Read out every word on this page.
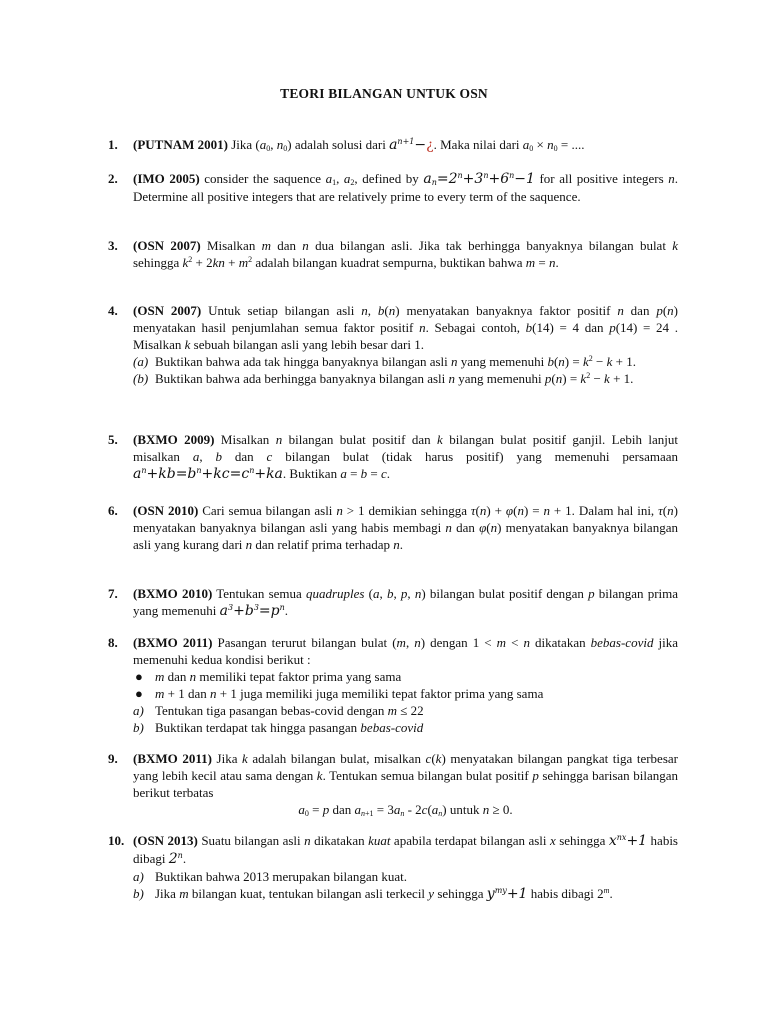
TEORI BILANGAN UNTUK OSN
1.	(PUTNAM 2001) Jika ($a_0$, $n_0$) adalah solusi dari $a^{n+1}-¿$. Maka nilai dari $a_0 \times n_0$ = ....
2.	(IMO 2005) consider the saquence $a_1$, $a_2$, defined by $a_n=2^n+3^n+6^n-1$ for all positive integers n. Determine all positive integers that are relatively prime to every term of the saquence.
3.	(OSN 2007) Misalkan m dan n dua bilangan asli. Jika tak berhingga banyaknya bilangan bulat k sehingga $k^2 + 2kn + m^2$ adalah bilangan kuadrat sempurna, buktikan bahwa m = n.
4.	(OSN 2007) Untuk setiap bilangan asli n, b(n) menyatakan banyaknya faktor positif n dan p(n) menyatakan hasil penjumlahan semua faktor positif n. Sebagai contoh, b(14) = 4 dan p(14) = 24 . Misalkan k sebuah bilangan asli yang lebih besar dari 1.
(a) Buktikan bahwa ada tak hingga banyaknya bilangan asli n yang memenuhi $b(n) = k^2 - k + 1$.
(b) Buktikan bahwa ada berhingga banyaknya bilangan asli n yang memenuhi $p(n) = k^2 - k + 1$.
5.	(BXMO 2009) Misalkan n bilangan bulat positif dan k bilangan bulat positif ganjil. Lebih lanjut misalkan a, b dan c bilangan bulat (tidak harus positif) yang memenuhi persamaan $a^n+kb=b^n+kc=c^n+ka$. Buktikan a = b = c.
6.	(OSN 2010) Cari semua bilangan asli n > 1 demikian sehingga τ(n) + φ(n) = n + 1. Dalam hal ini, τ(n) menyatakan banyaknya bilangan asli yang habis membagi n dan φ(n) menyatakan banyaknya bilangan asli yang kurang dari n dan relatif prima terhadap n.
7.	(BXMO 2010) Tentukan semua quadruples (a, b, p, n) bilangan bulat positif dengan p bilangan prima yang memenuhi $a^3+b^3=p^n$.
8.	(BXMO 2011) Pasangan terurut bilangan bulat (m, n) dengan 1 < m < n dikatakan bebas-covid jika memenuhi kedua kondisi berikut :
● m dan n memiliki tepat faktor prima yang sama
● m + 1 dan n + 1 juga memiliki juga memiliki tepat faktor prima yang sama
a) Tentukan tiga pasangan bebas-covid dengan m ≤ 22
b) Buktikan terdapat tak hingga pasangan bebas-covid
9.	(BXMO 2011) Jika k adalah bilangan bulat, misalkan c(k) menyatakan bilangan pangkat tiga terbesar yang lebih kecil atau sama dengan k. Tentukan semua bilangan bulat positif p sehingga barisan bilangan berikut terbatas
$a_0 = p$ dan $a_{n+1} = 3a_n - 2c(a_n)$ untuk n ≥ 0.
10. (OSN 2013) Suatu bilangan asli n dikatakan kuat apabila terdapat bilangan asli x sehingga $x^{nx}+1$ habis dibagi 2$^n$.
a) Buktikan bahwa 2013 merupakan bilangan kuat.
b) Jika m bilangan kuat, tentukan bilangan asli terkecil y sehingga $y^{my}+1$ habis dibagi 2$^m$.
